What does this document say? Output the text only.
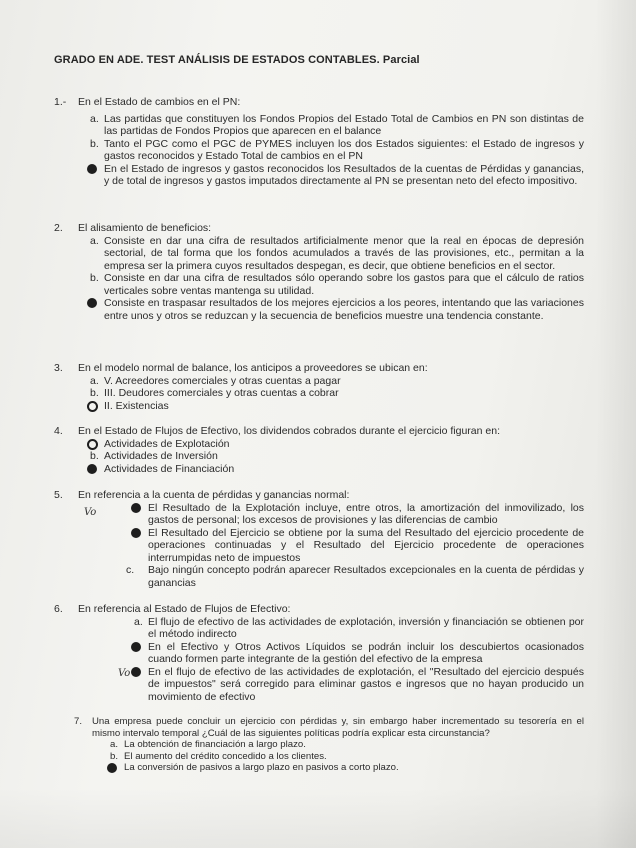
GRADO EN ADE. TEST ANÁLISIS DE ESTADOS CONTABLES. Parcial
1.- En el Estado de cambios en el PN:
a. Las partidas que constituyen los Fondos Propios del Estado Total de Cambios en PN son distintas de las partidas de Fondos Propios que aparecen en el balance
b. Tanto el PGC como el PGC de PYMES incluyen los dos Estados siguientes: el Estado de ingresos y gastos reconocidos y Estado Total de cambios en el PN
En el Estado de ingresos y gastos reconocidos los Resultados de la cuentas de Pérdidas y ganancias, y de total de ingresos y gastos imputados directamente al PN se presentan neto del efecto impositivo.
2. El alisamiento de beneficios:
a. Consiste en dar una cifra de resultados artificialmente menor que la real en épocas de depresión sectorial, de tal forma que los fondos acumulados a través de las provisiones, etc., permitan a la empresa ser la primera cuyos resultados despegan, es decir, que obtiene beneficios en el sector.
b. Consiste en dar una cifra de resultados sólo operando sobre los gastos para que el cálculo de ratios verticales sobre ventas mantenga su utilidad.
Consiste en traspasar resultados de los mejores ejercicios a los peores, intentando que las variaciones entre unos y otros se reduzcan y la secuencia de beneficios muestre una tendencia constante.
3. En el modelo normal de balance, los anticipos a proveedores se ubican en:
a. V. Acreedores comerciales y otras cuentas a pagar
b. III. Deudores comerciales y otras cuentas a cobrar
II. Existencias
4. En el Estado de Flujos de Efectivo, los dividendos cobrados durante el ejercicio figuran en:
Actividades de Explotación
b. Actividades de Inversión
Actividades de Financiación
Vo
5. En referencia a la cuenta de pérdidas y ganancias normal:
El Resultado de la Explotación incluye, entre otros, la amortización del inmovilizado, los gastos de personal; los excesos de provisiones y las diferencias de cambio
El Resultado del Ejercicio se obtiene por la suma del Resultado del ejercicio procedente de operaciones continuadas y el Resultado del Ejercicio procedente de operaciones interrumpidas neto de impuestos
c. Bajo ningún concepto podrán aparecer Resultados excepcionales en la cuenta de pérdidas y ganancias
Vo
6. En referencia al Estado de Flujos de Efectivo:
a. El flujo de efectivo de las actividades de explotación, inversión y financiación se obtienen por el método indirecto
En el Efectivo y Otros Activos Líquidos se podrán incluir los descubiertos ocasionados cuando formen parte integrante de la gestión del efectivo de la empresa
En el flujo de efectivo de las actividades de explotación, el "Resultado del ejercicio después de impuestos" será corregido para eliminar gastos e ingresos que no hayan producido un movimiento de efectivo
7.	Una empresa puede concluir un ejercicio con pérdidas y, sin embargo haber incrementado su tesorería en el mismo intervalo temporal ¿Cuál de las siguientes políticas podría explicar esta circunstancia?
a. La obtención de financiación a largo plazo.
b. El aumento del crédito concedido a los clientes.
La conversión de pasivos a largo plazo en pasivos a corto plazo.
